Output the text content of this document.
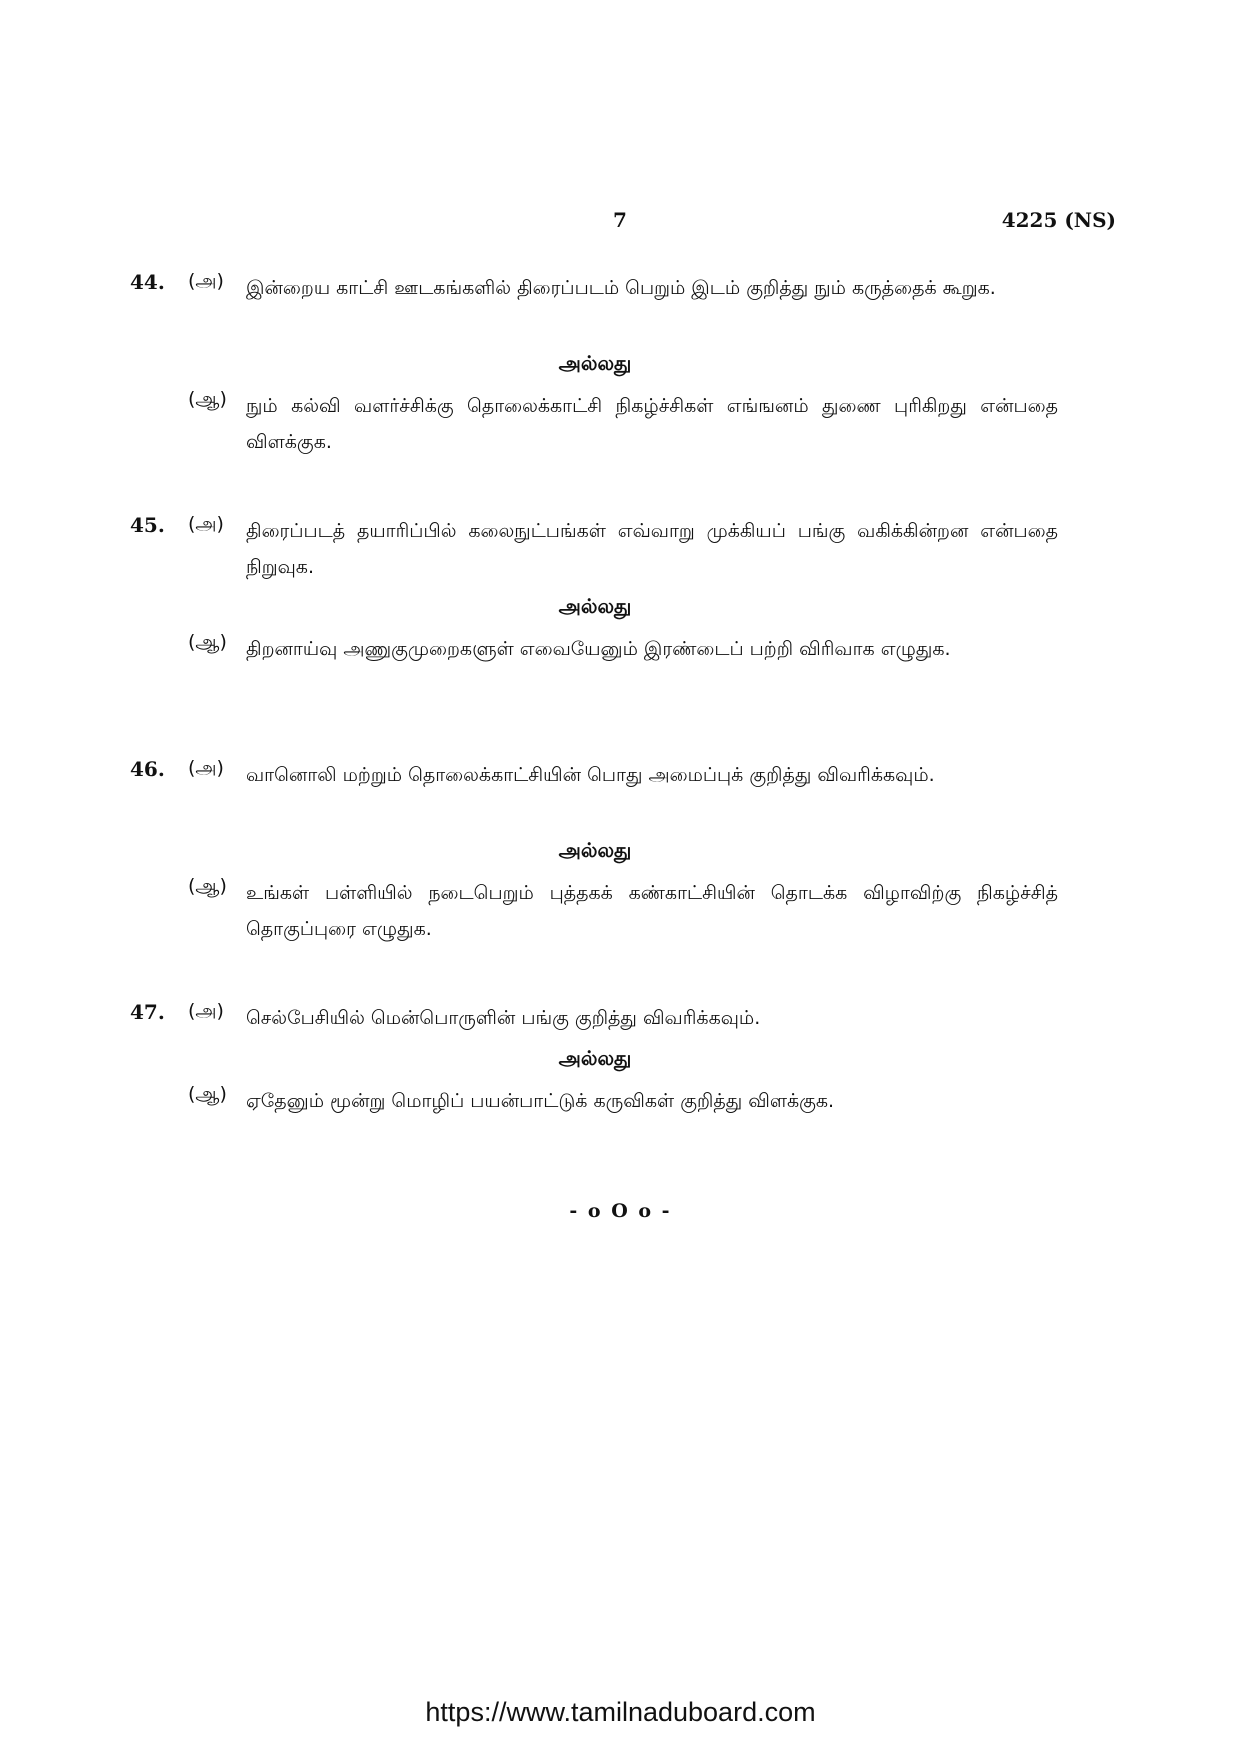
7	4225 (NS)
44. (அ) இன்றைய காட்சி ஊடகங்களில் திரைப்படம் பெறும் இடம் குறித்து நும் கருத்தைக் கூறுக.
அல்லது
(ஆ) நும் கல்வி வளர்ச்சிக்கு தொலைக்காட்சி நிகழ்ச்சிகள் எங்ஙனம் துணை புரிகிறது என்பதை விளக்குக.
45. (அ) திரைப்படத் தயாரிப்பில் கலைநுட்பங்கள் எவ்வாறு முக்கியப் பங்கு வகிக்கின்றன என்பதை நிறுவுக.
அல்லது
(ஆ) திறனாய்வு அணுகுமுறைகளுள் எவையேனும் இரண்டைப் பற்றி விரிவாக எழுதுக.
46. (அ) வானொலி மற்றும் தொலைக்காட்சியின் பொது அமைப்புக் குறித்து விவரிக்கவும்.
அல்லது
(ஆ) உங்கள் பள்ளியில் நடைபெறும் புத்தகக் கண்காட்சியின் தொடக்க விழாவிற்கு நிகழ்ச்சித் தொகுப்புரை எழுதுக.
47. (அ) செல்பேசியில் மென்பொருளின் பங்கு குறித்து விவரிக்கவும்.
அல்லது
(ஆ) ஏதேனும் மூன்று மொழிப் பயன்பாட்டுக் கருவிகள் குறித்து விளக்குக.
- o O o -
https://www.tamilnaduboard.com
